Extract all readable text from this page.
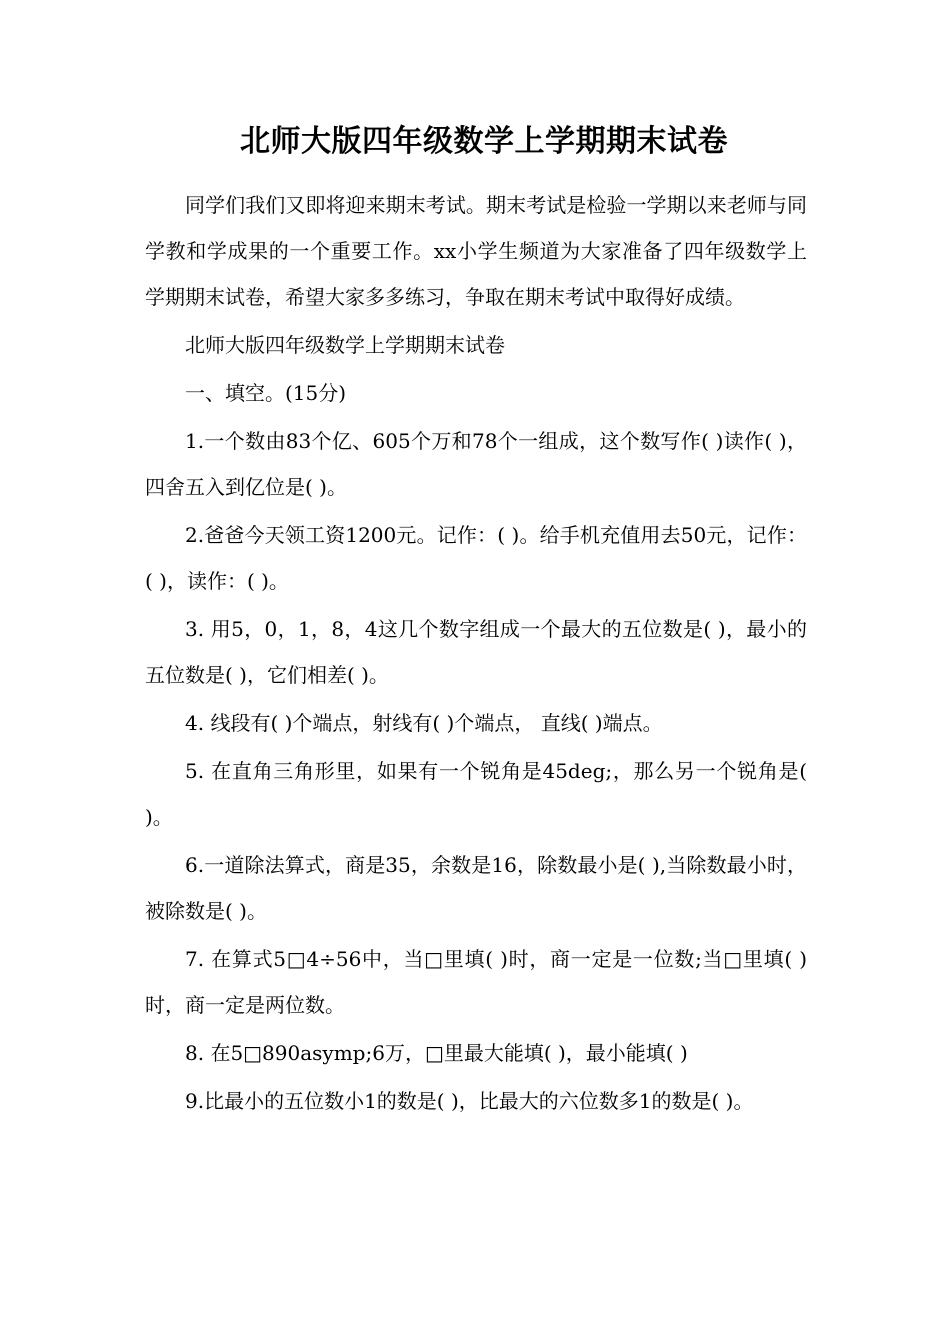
北师大版四年级数学上学期期末试卷

同学们我们又即将迎来期末考试。期末考试是检验一学期以来老师与同学教和学成果的一个重要工作。xx小学生频道为大家准备了四年级数学上学期期末试卷，希望大家多多练习，争取在期末考试中取得好成绩。

北师大版四年级数学上学期期末试卷

一、填空。(15分)

1.一个数由83个亿、605个万和78个一组成，这个数写作( )读作( )，四舍五入到亿位是( )。

2.爸爸今天领工资1200元。记作：( )。给手机充值用去50元，记作：( )，读作：( )。

3. 用5，0，1，8，4这几个数字组成一个最大的五位数是( )，最小的五位数是( )，它们相差( )。

4. 线段有( )个端点，射线有( )个端点， 直线( )端点。

5. 在直角三角形里，如果有一个锐角是45deg;，那么另一个锐角是( )。

6.一道除法算式，商是35，余数是16，除数最小是( ),当除数最小时，被除数是( )。

7. 在算式5□4÷56中，当□里填( )时，商一定是一位数;当□里填( )时，商一定是两位数。

8. 在5□890asymp;6万，□里最大能填( )，最小能填( )

9.比最小的五位数小1的数是( )，比最大的六位数多1的数是( )。
